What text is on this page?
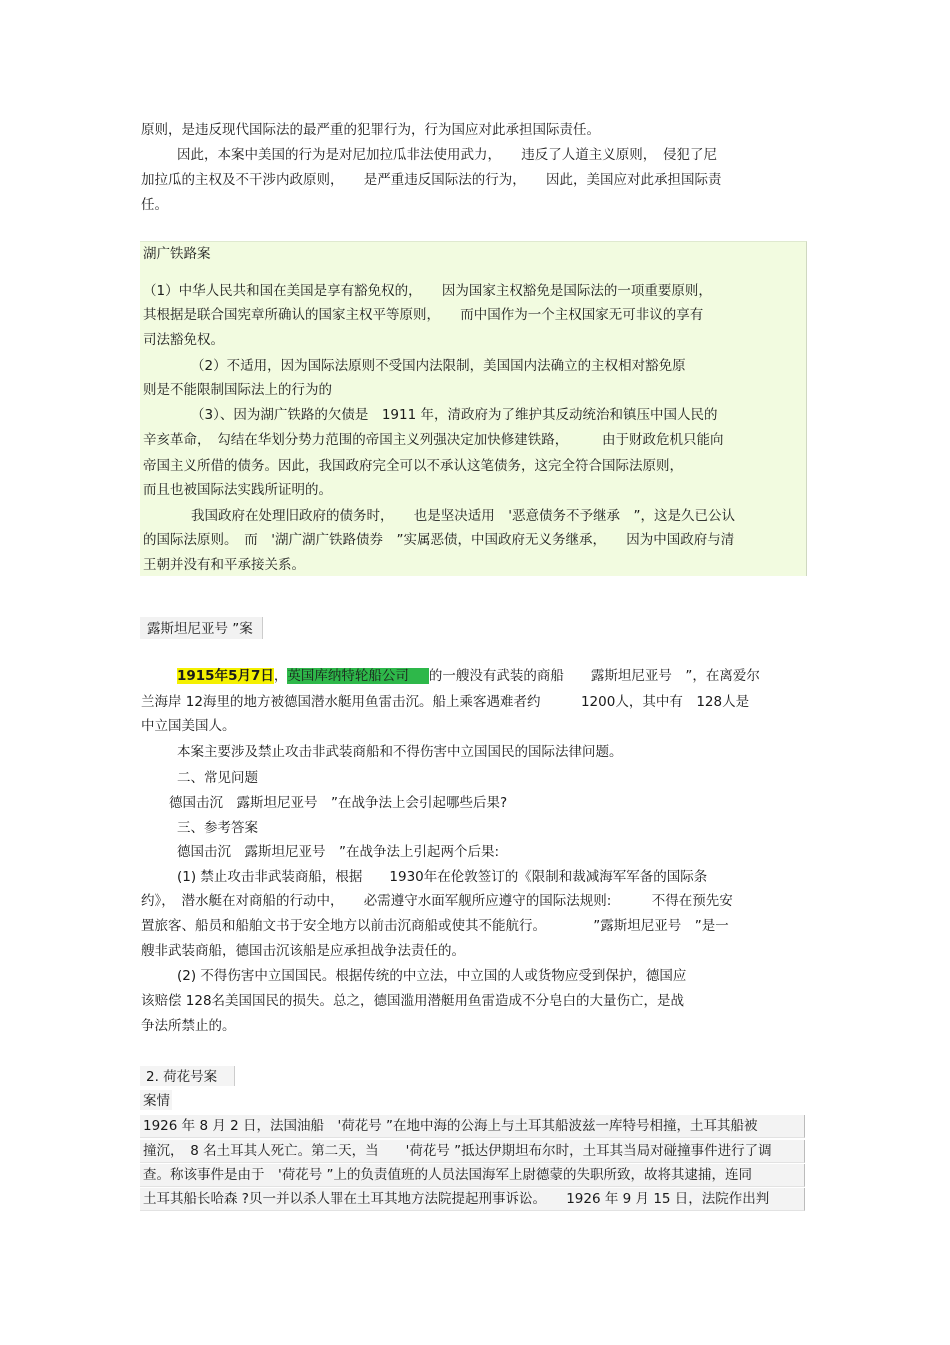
原则，是违反现代国际法的最严重的犯罪行为，行为国应对此承担国际责任。
因此，本案中美国的行为是对尼加拉瓜非法使用武力，　　违反了人道主义原则，　侵犯了尼
加拉瓜的主权及不干涉内政原则，　　是严重违反国际法的行为，　　因此，美国应对此承担国际责
任。
湖广铁路案
（1）中华人民共和国在美国是享有豁免权的，　　因为国家主权豁免是国际法的一项重要原则，
其根据是联合国宪章所确认的国家主权平等原则，　　而中国作为一个主权国家无可非议的享有
司法豁免权。
（2）不适用，因为国际法原则不受国内法限制，美国国内法确立的主权相对豁免原
则是不能限制国际法上的行为的
（3）、因为湖广铁路的欠债是　1911 年，清政府为了维护其反动统治和镇压中国人民的
辛亥革命，　勾结在华划分势力范围的帝国主义列强决定加快修建铁路，　　　由于财政危机只能向
帝国主义所借的债务。因此，我国政府完全可以不承认这笔债务，这完全符合国际法原则，
而且也被国际法实践所证明的。
我国政府在处理旧政府的债务时，　　也是坚决适用　'恶意债务不予继承　”，这是久已公认
的国际法原则。　而　'湖广湖广铁路债券　”实属恶债，中国政府无义务继承，　　因为中国政府与清
王朝并没有和平承接关系。
露斯坦尼亚号 ”案
1915年5月7日，英国库纳特轮船公司 的一艘没有武装的商船　　露斯坦尼亚号　”，在离爱尔
兰海岸 12海里的地方被德国潜水艇用鱼雷击沉。船上乘客遇难者约　　　1200人，其中有　128人是
中立国美国人。
本案主要涉及禁止攻击非武装商船和不得伤害中立国国民的国际法律问题。
二、常见问题
德国击沉　露斯坦尼亚号　”在战争法上会引起哪些后果?
三、参考答案
德国击沉　露斯坦尼亚号　”在战争法上引起两个后果:
(1) 禁止攻击非武装商船，根据　　1930年在伦敦签订的《限制和裁减海军军备的国际条
约》，　潜水艇在对商船的行动中，　　必需遵守水面军舰所应遵守的国际法规则:　　　不得在预先安
置旅客、船员和船舶文书于安全地方以前击沉商船或使其不能航行。　　　　”露斯坦尼亚号　”是一
艘非武装商船，德国击沉该船是应承担战争法责任的。
(2) 不得伤害中立国国民。根据传统的中立法，中立国的人或货物应受到保护，德国应
该赔偿 128名美国国民的损失。总之，德国滥用潜艇用鱼雷造成不分皂白的大量伤亡，是战
争法所禁止的。
2. 荷花号案
案情
1926 年 8 月 2 日，法国油船　'荷花号 ”在地中海的公海上与土耳其船波兹一库特号相撞，土耳其船被
撞沉，　8 名土耳其人死亡。第二天，当　　'荷花号 ”抵达伊期坦布尔时，土耳其当局对碰撞事件进行了调
查。称该事件是由于　'荷花号 ”上的负责值班的人员法国海军上尉德蒙的失职所致，故将其逮捕，连同
土耳其船长哈森 ?贝一并以杀人罪在土耳其地方法院提起刑事诉讼。　　1926 年 9 月 15 日，法院作出判
